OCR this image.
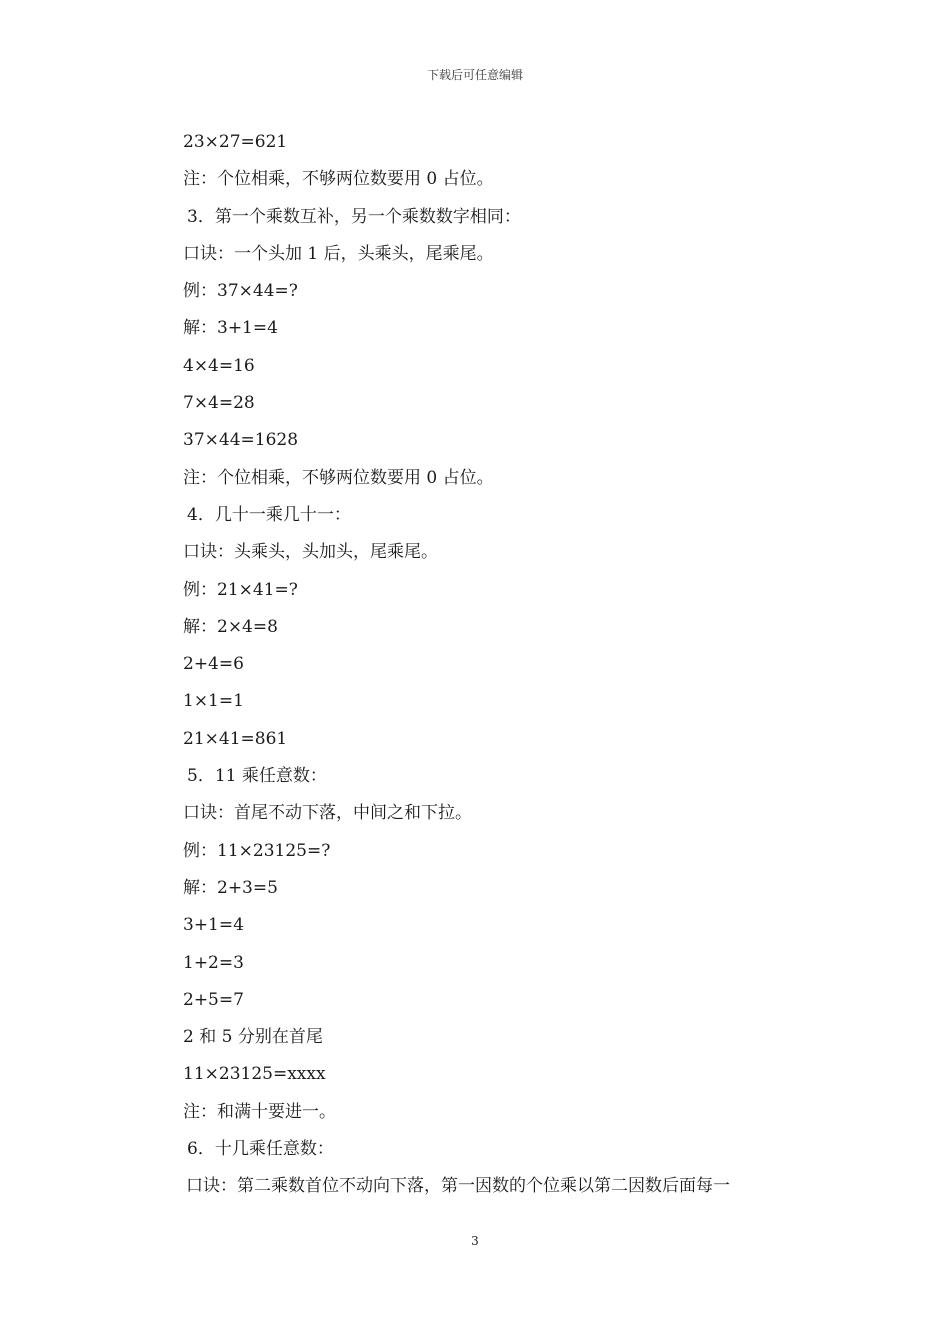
下载后可任意编辑
23×27=621
注：个位相乘，不够两位数要用 0 占位。
3．第一个乘数互补，另一个乘数数字相同：
口诀：一个头加 1 后，头乘头，尾乘尾。
例：37×44=?
解：3+1=4
4×4=16
7×4=28
37×44=1628
注：个位相乘，不够两位数要用 0 占位。
4．几十一乘几十一：
口诀：头乘头，头加头，尾乘尾。
例：21×41=?
解：2×4=8
2+4=6
1×1=1
21×41=861
5．11 乘任意数：
口诀：首尾不动下落，中间之和下拉。
例：11×23125=?
解：2+3=5
3+1=4
1+2=3
2+5=7
2 和 5 分别在首尾
11×23125=xxxx
注：和满十要进一。
6．十几乘任意数：
口诀：第二乘数首位不动向下落，第一因数的个位乘以第二因数后面每一
3
